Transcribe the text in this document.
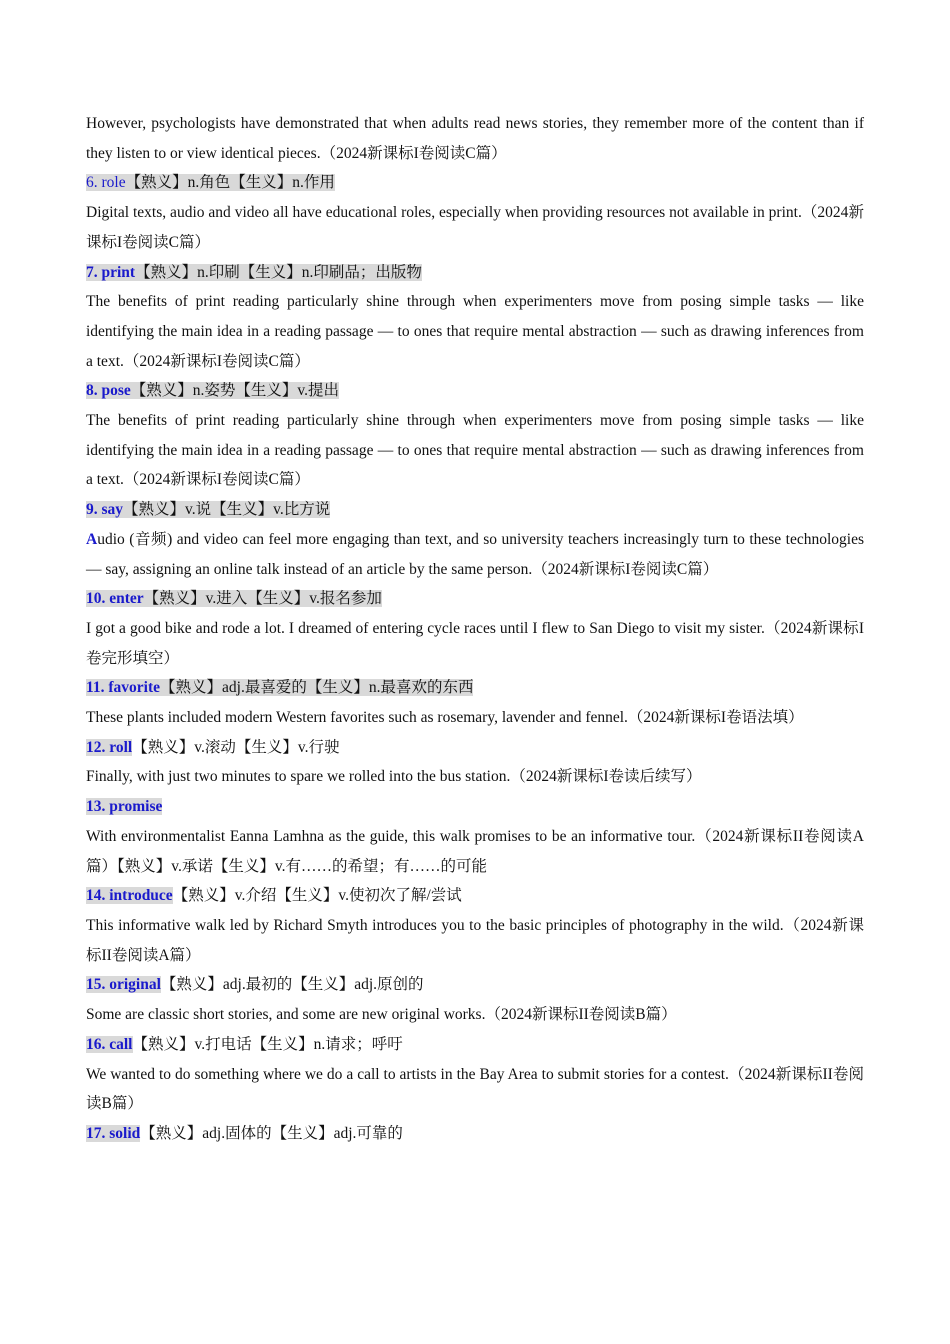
However, psychologists have demonstrated that when adults read news stories, they remember more of the content than if they listen to or view identical pieces.（2024新课标I卷阅读C篇）

6. role【熟义】n.角色【生义】n.作用

Digital texts, audio and video all have educational roles, especially when providing resources not available in print.（2024新课标I卷阅读C篇）

7. print【熟义】n.印刷【生义】n.印刷品；出版物

The benefits of print reading particularly shine through when experimenters move from posing simple tasks — like identifying the main idea in a reading passage — to ones that require mental abstraction — such as drawing inferences from a text.（2024新课标I卷阅读C篇）

8. pose【熟义】n.姿势【生义】v.提出

The benefits of print reading particularly shine through when experimenters move from posing simple tasks — like identifying the main idea in a reading passage — to ones that require mental abstraction — such as drawing inferences from a text.（2024新课标I卷阅读C篇）

9. say【熟义】v.说【生义】v.比方说

Audio (音频) and video can feel more engaging than text, and so university teachers increasingly turn to these technologies — say, assigning an online talk instead of an article by the same person.（2024新课标I卷阅读C篇）

10. enter【熟义】v.进入【生义】v.报名参加

I got a good bike and rode a lot. I dreamed of entering cycle races until I flew to San Diego to visit my sister.（2024新课标I卷完形填空）

11. favorite【熟义】adj.最喜爱的【生义】n.最喜欢的东西

These plants included modern Western favorites such as rosemary, lavender and fennel.（2024新课标I卷语法填）

12. roll【熟义】v.滚动【生义】v.行驶

Finally, with just two minutes to spare we rolled into the bus station.（2024新课标I卷读后续写）

13. promise

With environmentalist Eanna Lamhna as the guide, this walk promises to be an informative tour.（2024新课标II卷阅读A篇）【熟义】v.承诺【生义】v.有……的希望；有……的可能

14. introduce【熟义】v.介绍【生义】v.使初次了解/尝试

This informative walk led by Richard Smyth introduces you to the basic principles of photography in the wild.（2024新课标II卷阅读A篇）

15. original【熟义】adj.最初的【生义】adj.原创的

Some are classic short stories, and some are new original works.（2024新课标II卷阅读B篇）

16. call【熟义】v.打电话【生义】n.请求；呼吁

We wanted to do something where we do a call to artists in the Bay Area to submit stories for a contest.（2024新课标II卷阅读B篇）

17. solid【熟义】adj.固体的【生义】adj.可靠的
